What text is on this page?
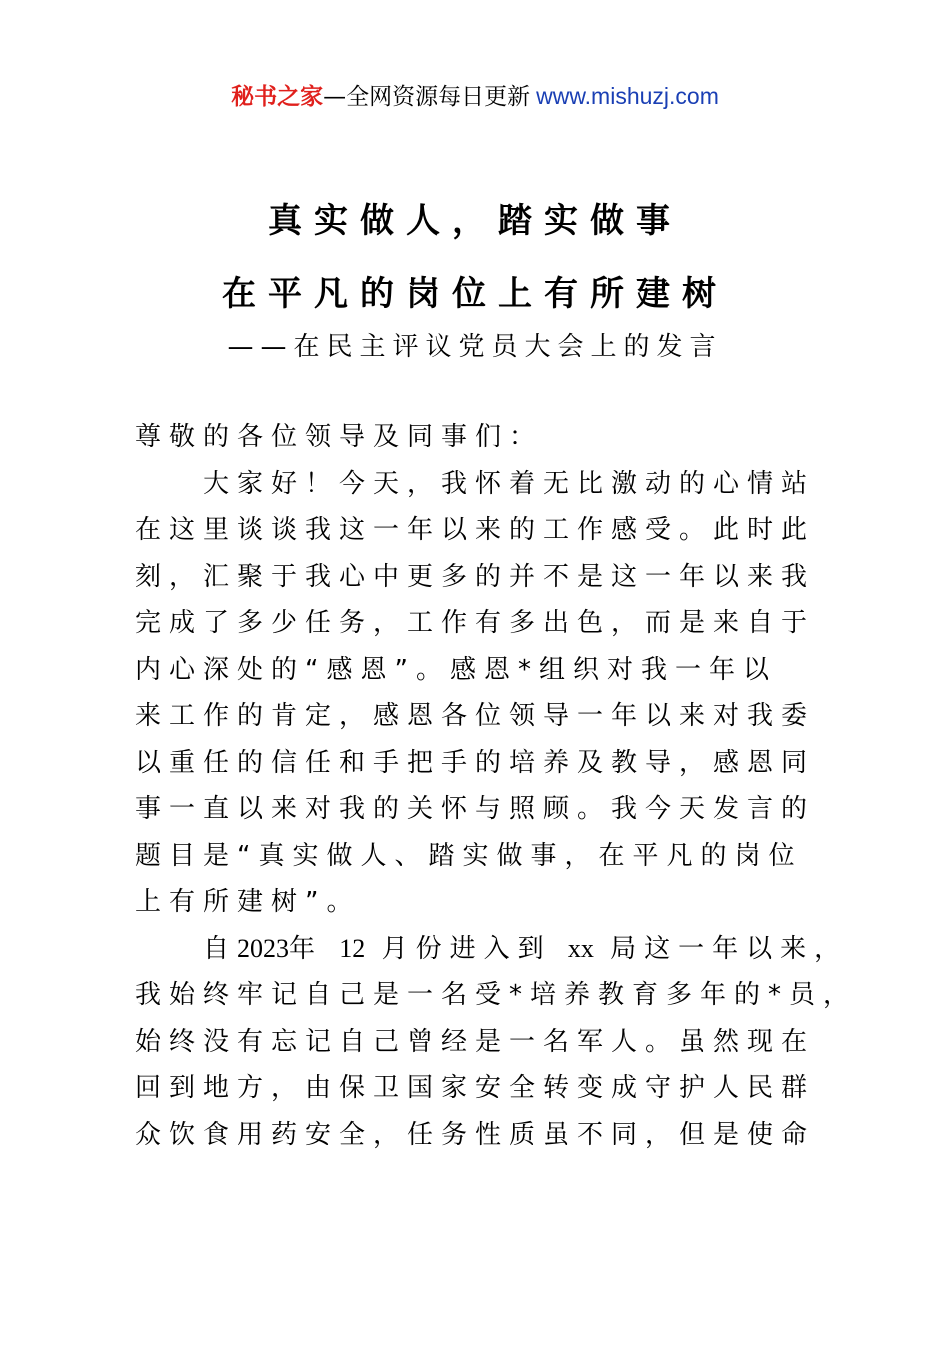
秘书之家—全网资源每日更新 www.mishuzj.com
真实做人，踏实做事
在平凡的岗位上有所建树
——在民主评议党员大会上的发言

尊敬的各位领导及同事们：

大家好！今天，我怀着无比激动的心情站
在这里谈谈我这一年以来的工作感受。此时此
刻，汇聚于我心中更多的并不是这一年以来我
完成了多少任务，工作有多出色，而是来自于
内心深处的“感恩”。感恩*组织对我一年以
来工作的肯定，感恩各位领导一年以来对我委
以重任的信任和手把手的培养及教导，感恩同
事一直以来对我的关怀与照顾。我今天发言的
题目是“真实做人、踏实做事，在平凡的岗位
上有所建树”。

自2023年 12 月份进入到 xx 局这一年以来，
我始终牢记自己是一名受*培养教育多年的*员，
始终没有忘记自己曾经是一名军人。虽然现在
回到地方，由保卫国家安全转变成守护人民群
众饮食用药安全，任务性质虽不同，但是使命
